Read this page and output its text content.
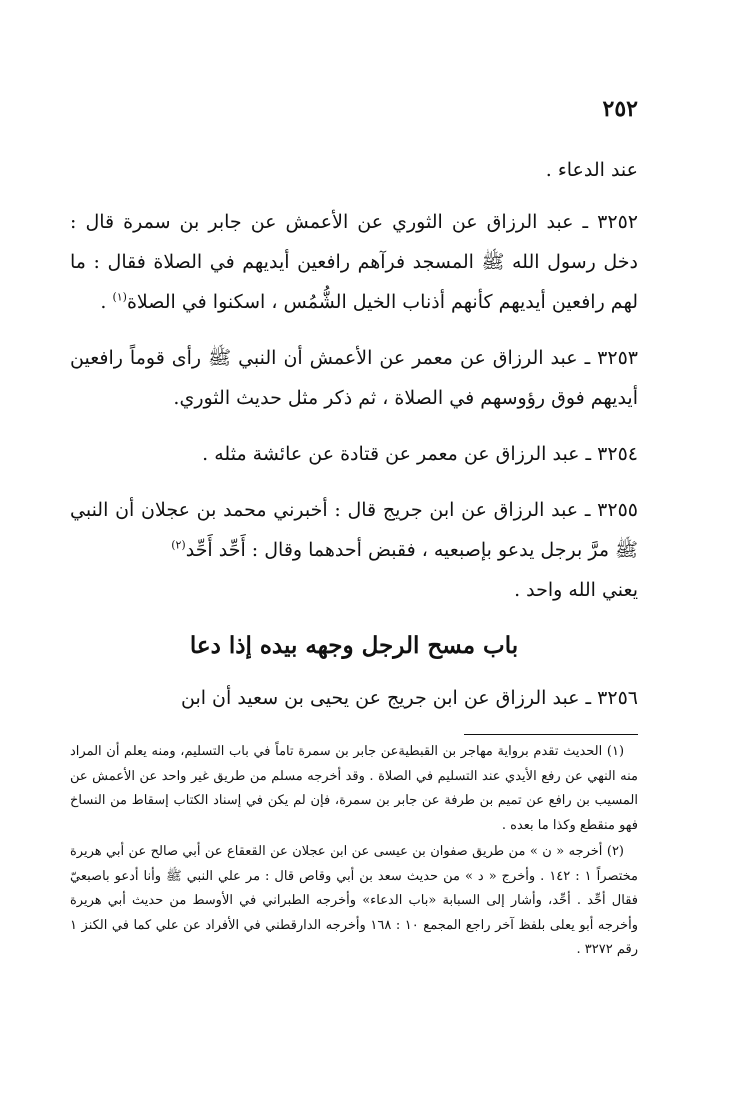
٢٥٢

عند الدعاء .

٣٢٥٢ ـ عبد الرزاق عن الثوري عن الأعمش عن جابر بن سمرة قال : دخل رسول الله ﷺ المسجد فرآهم رافعين أيديهم في الصلاة فقال : ما لهم رافعين أيديهم كأنهم أذناب الخيل الشُّمُس ، اسكنوا في الصلاة$^{(١)}$ .

٣٢٥٣ ـ عبد الرزاق عن معمر عن الأعمش أن النبي ﷺ رأى قوماً رافعين أيديهم فوق رؤوسهم في الصلاة ، ثم ذكر مثل حديث الثوري.

٣٢٥٤ ـ عبد الرزاق عن معمر عن قتادة عن عائشة مثله .

٣٢٥٥ ـ عبد الرزاق عن ابن جريج قال : أخبرني محمد بن عجلان أن النبي ﷺ مرَّ برجل يدعو بإصبعيه ، فقبض أحدهما وقال : أَحِّد أَحِّد$^{(٢)}$
يعني الله واحد .

باب مسح الرجل وجهه بيده إذا دعا

٣٢٥٦ ـ عبد الرزاق عن ابن جريج عن يحيى بن سعيد أن ابن

(١) الحديث تقدم برواية مهاجر بن القبطيةعن جابر بن سمرة تاماً في باب التسليم، ومنه يعلم أن المراد منه النهي عن رفع الأيدي عند التسليم في الصلاة . وقد أخرجه مسلم من طريق غير واحد عن الأعمش عن المسيب بن رافع عن تميم بن طرفة عن جابر بن سمرة، فإن لم يكن في إسناد الكتاب إسقاط من النساخ فهو منقطع وكذا ما بعده .

(٢) أخرجه « ن » من طريق صفوان بن عيسى عن ابن عجلان عن القعقاع عن أبي صالح عن أبي هريرة مختصراً ١ : ١٤٢ . وأخرج « د » من حديث سعد بن أبي وقاص قال : مر علي النبي ﷺ وأنا أدعو باصبعيّ فقال أحِّد . أحِّد، وأشار إلى السبابة «باب الدعاء» وأخرجه الطبراني في الأوسط من حديث أبي هريرة وأخرجه أبو يعلى بلفظ آخر راجع المجمع ١٠ : ١٦٨ وأخرجه الدارقطني في الأفراد عن علي كما في الكنز ١ رقم ٣٢٧٢ .
